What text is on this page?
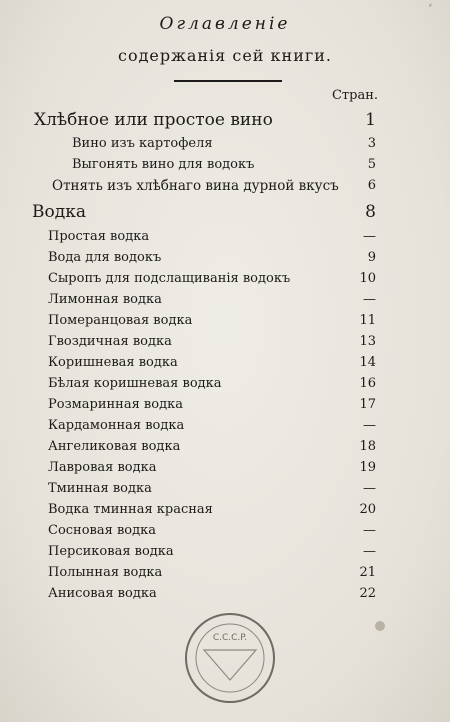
⸗
Оглавленіе
содержанія сей книги.
Стран.
Хлѣбное или простое вино	1
Вино изъ картофеля	3
Выгонять вино для водокъ	5
Отнять изъ хлѣбнаго вина дурной вкусъ	6
Водка	8
Простая водка	—
Вода для водокъ	9
Сыропъ для подслащиванія водокъ	10
Лимонная водка	—
Померанцовая водка	11
Гвоздичная водка	13
Коришневая водка	14
Бѣлая коришневая водка	16
Розмаринная водка	17
Кардамонная водка	—
Ангеликовая водка	18
Лавровая водка	19
Тминная водка	—
Водка тминная красная	20
Сосновая водка	—
Персиковая водка	—
Полынная водка	21
Анисовая водка	22
C.C.C.P.
